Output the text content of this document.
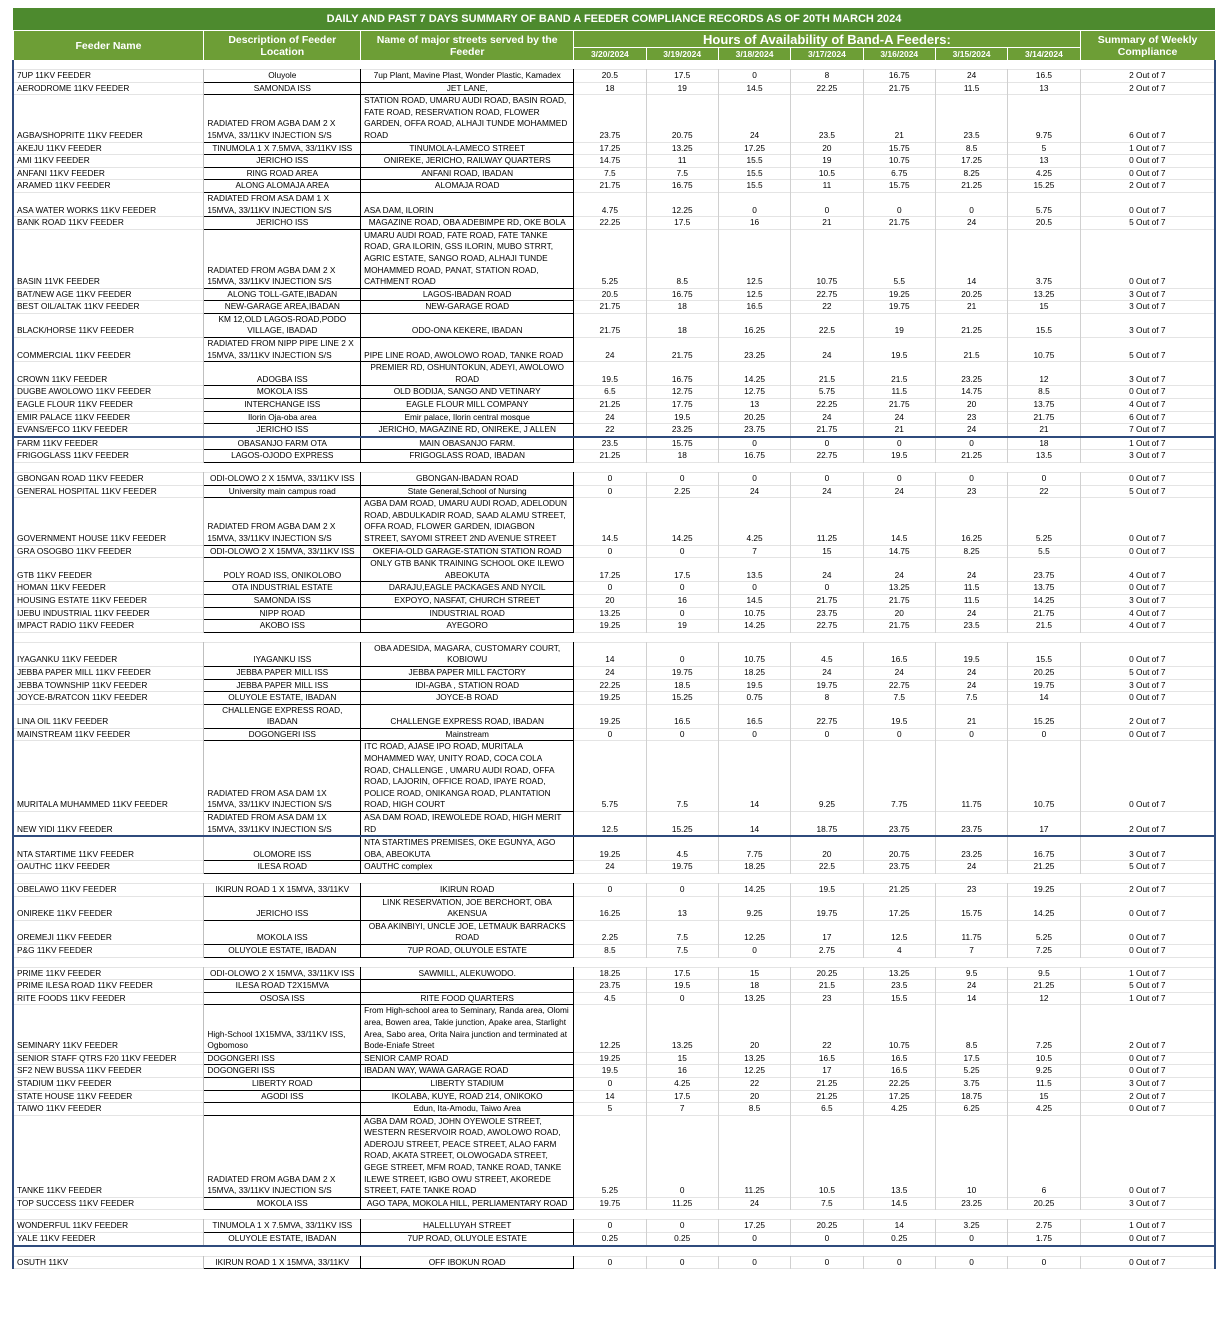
DAILY AND PAST 7 DAYS SUMMARY OF BAND A FEEDER COMPLIANCE RECORDS AS OF 20TH MARCH 2024										
Feeder Name	Description of Feeder Location	Name of major streets served by the Feeder	Hours of Availability of Band-A Feeders:							Summary of Weekly Compliance
			3/20/2024	3/19/2024	3/18/2024	3/17/2024	3/16/2024	3/15/2024	3/14/2024	

7UP 11KV FEEDER	Oluyole	7up Plant, Mavine Plast, Wonder Plastic, Kamadex	20.5	17.5	0	8	16.75	24	16.5	2 Out of 7
AERODROME 11KV FEEDER	SAMONDA ISS	JET LANE,	18	19	14.5	22.25	21.75	11.5	13	2 Out of 7
AGBA/SHOPRITE 11KV FEEDER	RADIATED FROM AGBA DAM 2 X 15MVA, 33/11KV INJECTION S/S	STATION ROAD, UMARU AUDI ROAD, BASIN ROAD, FATE ROAD, RESERVATION ROAD, FLOWER GARDEN, OFFA ROAD, ALHAJI TUNDE MOHAMMED ROAD	23.75	20.75	24	23.5	21	23.5	9.75	6 Out of 7
AKEJU 11KV FEEDER	TINUMOLA 1 X 7.5MVA, 33/11KV ISS	TINUMOLA-LAMECO STREET	17.25	13.25	17.25	20	15.75	8.5	5	1 Out of 7
AMI 11KV FEEDER	JERICHO ISS	ONIREKE, JERICHO, RAILWAY QUARTERS	14.75	11	15.5	19	10.75	17.25	13	0 Out of 7
ANFANI 11KV FEEDER	RING ROAD AREA	ANFANI ROAD, IBADAN	7.5	7.5	15.5	10.5	6.75	8.25	4.25	0 Out of 7
ARAMED 11KV FEEDER	ALONG ALOMAJA AREA	ALOMAJA ROAD	21.75	16.75	15.5	11	15.75	21.25	15.25	2 Out of 7
ASA WATER WORKS 11KV FEEDER	RADIATED FROM ASA DAM 1 X 15MVA, 33/11KV INJECTION S/S	ASA DAM, ILORIN	4.75	12.25	0	0	0	0	5.75	0 Out of 7
BANK ROAD 11KV FEEDER	JERICHO ISS	MAGAZINE ROAD, OBA ADEBIMPE RD, OKE BOLA	22.25	17.5	16	21	21.75	24	20.5	5 Out of 7
BASIN 11VK FEEDER	RADIATED FROM AGBA DAM 2 X 15MVA, 33/11KV INJECTION S/S	UMARU AUDI ROAD, FATE ROAD, FATE TANKE ROAD, GRA ILORIN, GSS ILORIN, MUBO STRRT, AGRIC ESTATE, SANGO ROAD, ALHAJI TUNDE MOHAMMED ROAD, PANAT, STATION ROAD, CATHMENT ROAD	5.25	8.5	12.5	10.75	5.5	14	3.75	0 Out of 7
BAT/NEW AGE 11KV FEEDER	ALONG TOLL-GATE,IBADAN	LAGOS-IBADAN ROAD	20.5	16.75	12.5	22.75	19.25	20.25	13.25	3 Out of 7
BEST OIL/ALTAK 11KV FEEDER	NEW-GARAGE AREA,IBADAN	NEW-GARAGE ROAD	21.75	18	16.5	22	19.75	21	15	3 Out of 7
BLACK/HORSE 11KV FEEDER	KM 12,OLD LAGOS-ROAD,PODO VILLAGE, IBADAD	ODO-ONA KEKERE, IBADAN	21.75	18	16.25	22.5	19	21.25	15.5	3 Out of 7
COMMERCIAL 11KV FEEDER	RADIATED FROM NIPP PIPE LINE 2 X 15MVA, 33/11KV INJECTION S/S	PIPE LINE ROAD, AWOLOWO ROAD, TANKE ROAD	24	21.75	23.25	24	19.5	21.5	10.75	5 Out of 7
CROWN 11KV FEEDER	ADOGBA ISS	PREMIER RD, OSHUNTOKUN, ADEYI, AWOLOWO ROAD	19.5	16.75	14.25	21.5	21.5	23.25	12	3 Out of 7
DUGBE AWOLOWO 11KV FEEDER	MOKOLA ISS	OLD BODIJA, SANGO AND VETINARY	6.5	12.75	12.75	5.75	11.5	14.75	8.5	0 Out of 7
EAGLE FLOUR 11KV FEEDER	INTERCHANGE ISS	EAGLE FLOUR MILL COMPANY	21.25	17.75	13	22.25	21.75	20	13.75	4 Out of 7
EMIR PALACE 11KV FEEDER	Ilorin Oja-oba area	Emir palace, Ilorin central mosque	24	19.5	20.25	24	24	23	21.75	6 Out of 7
EVANS/EFCO 11KV FEEDER	JERICHO ISS	JERICHO, MAGAZINE RD, ONIREKE, J ALLEN	22	23.25	23.75	21.75	21	24	21	7 Out of 7
FARM 11KV FEEDER	OBASANJO FARM OTA	MAIN OBASANJO FARM.	23.5	15.75	0	0	0	0	18	1 Out of 7
FRIGOGLASS 11KV FEEDER	LAGOS-OJODO EXPRESS	FRIGOGLASS ROAD, IBADAN	21.25	18	16.75	22.75	19.5	21.25	13.5	3 Out of 7

GBONGAN ROAD 11KV FEEDER	ODI-OLOWO 2 X 15MVA, 33/11KV ISS	GBONGAN-IBADAN ROAD	0	0	0	0	0	0	0	0 Out of 7
GENERAL HOSPITAL 11KV FEEDER	University main campus road	State General,School of Nursing	0	2.25	24	24	24	23	22	5 Out of 7
GOVERNMENT HOUSE 11KV FEEDER	RADIATED FROM AGBA DAM 2 X 15MVA, 33/11KV INJECTION S/S	AGBA DAM ROAD, UMARU AUDI ROAD, ADELODUN ROAD, ABDULKADIR ROAD, SAAD ALAMU STREET, OFFA ROAD, FLOWER GARDEN, IDIAGBON STREET, SAYOMI STREET 2ND AVENUE STREET	14.5	14.25	4.25	11.25	14.5	16.25	5.25	0 Out of 7
GRA OSOGBO 11KV FEEDER	ODI-OLOWO 2 X 15MVA, 33/11KV ISS	OKEFIA-OLD GARAGE-STATION STATION ROAD	0	0	7	15	14.75	8.25	5.5	0 Out of 7
GTB 11KV FEEDER	POLY ROAD ISS, ONIKOLOBO	ONLY GTB BANK TRAINING SCHOOL OKE ILEWO ABEOKUTA	17.25	17.5	13.5	24	24	24	23.75	4 Out of 7
HOMAN 11KV FEEDER	OTA INDUSTRIAL ESTATE	DARAJU,EAGLE PACKAGES AND NYCIL	0	0	0	0	13.25	11.5	13.75	0 Out of 7
HOUSING ESTATE 11KV FEEDER	SAMONDA ISS	EXPOYO, NASFAT, CHURCH STREET	20	16	14.5	21.75	21.75	11.5	14.25	3 Out of 7
IJEBU INDUSTRIAL 11KV FEEDER	NIPP ROAD	INDUSTRIAL ROAD	13.25	0	10.75	23.75	20	24	21.75	4 Out of 7
IMPACT RADIO 11KV FEEDER	AKOBO ISS	AYEGORO	19.25	19	14.25	22.75	21.75	23.5	21.5	4 Out of 7

IYAGANKU 11KV FEEDER	IYAGANKU ISS	OBA ADESIDA, MAGARA, CUSTOMARY COURT, KOBIOWU	14	0	10.75	4.5	16.5	19.5	15.5	0 Out of 7
JEBBA PAPER MILL 11KV FEEDER	JEBBA PAPER MILL ISS	JEBBA PAPER MILL FACTORY	24	19.75	18.25	24	24	24	20.25	5 Out of 7
JEBBA TOWNSHIP 11KV FEEDER	JEBBA PAPER MILL ISS	IDI-AGBA , STATION ROAD	22.25	18.5	19.5	19.75	22.75	24	19.75	3 Out of 7
JOYCE-B/RATCON 11KV FEEDER	OLUYOLE ESTATE, IBADAN	JOYCE-B ROAD	19.25	15.25	0.75	8	7.5	7.5	14	0 Out of 7
LINA OIL 11KV FEEDER	CHALLENGE EXPRESS ROAD, IBADAN	CHALLENGE EXPRESS ROAD, IBADAN	19.25	16.5	16.5	22.75	19.5	21	15.25	2 Out of 7
MAINSTREAM 11KV FEEDER	DOGONGERI ISS	Mainstream	0	0	0	0	0	0	0	0 Out of 7
MURITALA MUHAMMED 11KV FEEDER	RADIATED FROM ASA DAM 1X 15MVA, 33/11KV INJECTION S/S	ITC ROAD, AJASE IPO ROAD, MURITALA MOHAMMED WAY, UNITY ROAD, COCA COLA ROAD, CHALLENGE , UMARU AUDI ROAD, OFFA ROAD, LAJORIN, OFFICE ROAD, IPAYE ROAD, POLICE ROAD, ONIKANGA ROAD, PLANTATION ROAD, HIGH COURT	5.75	7.5	14	9.25	7.75	11.75	10.75	0 Out of 7
NEW YIDI 11KV FEEDER	RADIATED FROM ASA DAM 1X 15MVA, 33/11KV INJECTION S/S	ASA DAM ROAD, IREWOLEDE ROAD, HIGH MERIT RD	12.5	15.25	14	18.75	23.75	23.75	17	2 Out of 7
NTA STARTIME 11KV FEEDER	OLOMORE ISS	NTA STARTIMES PREMISES, OKE EGUNYA, AGO OBA, ABEOKUTA	19.25	4.5	7.75	20	20.75	23.25	16.75	3 Out of 7
OAUTHC 11KV FEEDER	ILESA ROAD	OAUTHC complex	24	19.75	18.25	22.5	23.75	24	21.25	5 Out of 7

OBELAWO 11KV FEEDER	IKIRUN ROAD 1 X 15MVA, 33/11KV	IKIRUN ROAD	0	0	14.25	19.5	21.25	23	19.25	2 Out of 7
ONIREKE 11KV FEEDER	JERICHO ISS	LINK RESERVATION, JOE BERCHORT, OBA AKENSUA	16.25	13	9.25	19.75	17.25	15.75	14.25	0 Out of 7
OREMEJI 11KV FEEDER	MOKOLA ISS	OBA AKINBIYI, UNCLE JOE, LETMAUK BARRACKS ROAD	2.25	7.5	12.25	17	12.5	11.75	5.25	0 Out of 7
P&G 11KV FEEDER	OLUYOLE ESTATE, IBADAN	7UP ROAD, OLUYOLE ESTATE	8.5	7.5	0	2.75	4	7	7.25	0 Out of 7

PRIME 11KV FEEDER	ODI-OLOWO 2 X 15MVA, 33/11KV ISS	SAWMILL, ALEKUWODO.	18.25	17.5	15	20.25	13.25	9.5	9.5	1 Out of 7
PRIME ILESA ROAD 11KV FEEDER	ILESA ROAD T2X15MVA		23.75	19.5	18	21.5	23.5	24	21.25	5 Out of 7
RITE FOODS 11KV FEEDER	OSOSA ISS	RITE FOOD QUARTERS	4.5	0	13.25	23	15.5	14	12	1 Out of 7
SEMINARY 11KV FEEDER	High-School 1X15MVA, 33/11KV ISS, Ogbomoso	From High-school area to Seminary, Randa area, Olomi area, Bowen area, Takie junction, Apake area, Starlight Area, Sabo area, Orita Naira junction and terminated at Bode-Eniafe Street	12.25	13.25	20	22	10.75	8.5	7.25	2 Out of 7
SENIOR STAFF QTRS F20 11KV FEEDER	DOGONGERI ISS	SENIOR CAMP ROAD	19.25	15	13.25	16.5	16.5	17.5	10.5	0 Out of 7
SF2 NEW BUSSA 11KV FEEDER	DOGONGERI ISS	IBADAN WAY, WAWA GARAGE ROAD	19.5	16	12.25	17	16.5	5.25	9.25	0 Out of 7
STADIUM 11KV FEEDER	LIBERTY ROAD	LIBERTY STADIUM	0	4.25	22	21.25	22.25	3.75	11.5	3 Out of 7
STATE HOUSE 11KV FEEDER	AGODI ISS	IKOLABA, KUYE, ROAD 214, ONIKOKO	14	17.5	20	21.25	17.25	18.75	15	2 Out of 7
TAIWO 11KV FEEDER		Edun, Ita-Amodu, Taiwo Area	5	7	8.5	6.5	4.25	6.25	4.25	0 Out of 7
TANKE 11KV FEEDER	RADIATED FROM AGBA DAM 2 X 15MVA, 33/11KV INJECTION S/S	AGBA DAM ROAD, JOHN OYEWOLE STREET, WESTERN RESERVOIR ROAD, AWOLOWO ROAD, ADEROJU STREET, PEACE STREET, ALAO FARM ROAD, AKATA STREET, OLOWOGADA STREET, GEGE STREET, MFM ROAD, TANKE ROAD, TANKE ILEWE STREET, IGBO OWU STREET, AKOREDE STREET, FATE TANKE ROAD	5.25	0	11.25	10.5	13.5	10	6	0 Out of 7
TOP SUCCESS 11KV FEEDER	MOKOLA ISS	AGO TAPA, MOKOLA HILL, PERLIAMENTARY ROAD	19.75	11.25	24	7.5	14.5	23.25	20.25	3 Out of 7

WONDERFUL 11KV FEEDER	TINUMOLA 1 X 7.5MVA, 33/11KV ISS	HALELLUYAH STREET	0	0	17.25	20.25	14	3.25	2.75	1 Out of 7
YALE 11KV FEEDER	OLUYOLE ESTATE, IBADAN	7UP ROAD, OLUYOLE ESTATE	0.25	0.25	0	0	0.25	0	1.75	0 Out of 7

OSUTH 11KV	IKIRUN ROAD 1 X 15MVA, 33/11KV	OFF IBOKUN ROAD	0	0	0	0	0	0	0	0 Out of 7
